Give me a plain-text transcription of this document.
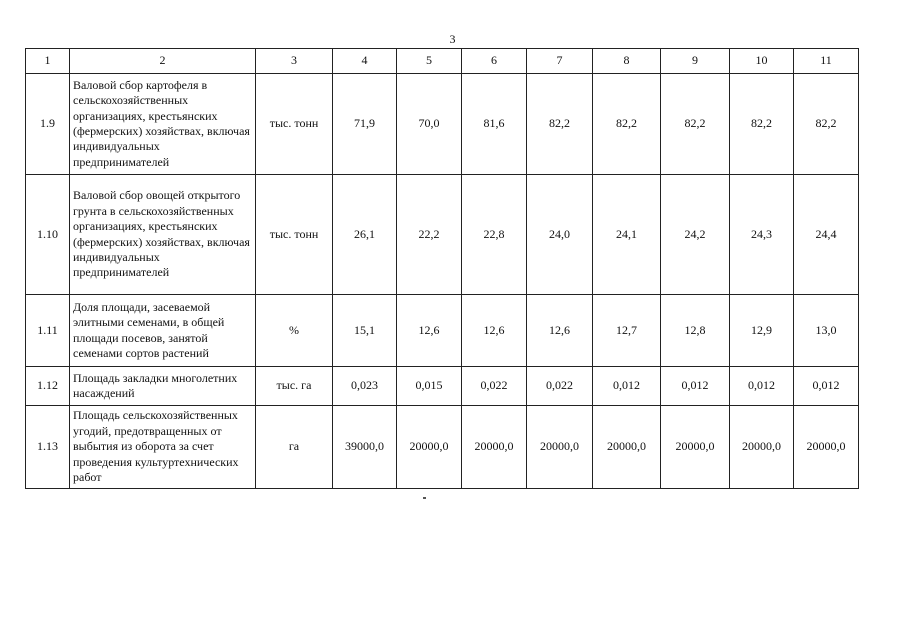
3
1	2	3	4	5	6	7	8	9	10	11
1.9	Валовой сбор картофеля в сельскохозяйственных организациях, крестьянских (фермерских) хозяйствах, включая индивидуальных предпринимателей	тыс. тонн	71,9	70,0	81,6	82,2	82,2	82,2	82,2	82,2
1.10	Валовой сбор овощей открытого грунта в сельскохозяйственных организациях, крестьянских (фермерских) хозяйствах, включая индивидуальных предпринимателей	тыс. тонн	26,1	22,2	22,8	24,0	24,1	24,2	24,3	24,4
1.11	Доля площади, засеваемой элитными семенами, в общей площади посевов, занятой семенами сортов растений	%	15,1	12,6	12,6	12,6	12,7	12,8	12,9	13,0
1.12	Площадь закладки многолетних насаждений	тыс. га	0,023	0,015	0,022	0,022	0,012	0,012	0,012	0,012
1.13	Площадь сельскохозяйственных угодий, предотвращенных от выбытия из оборота за счет проведения культуртехнических работ	га	39000,0	20000,0	20000,0	20000,0	20000,0	20000,0	20000,0	20000,0
